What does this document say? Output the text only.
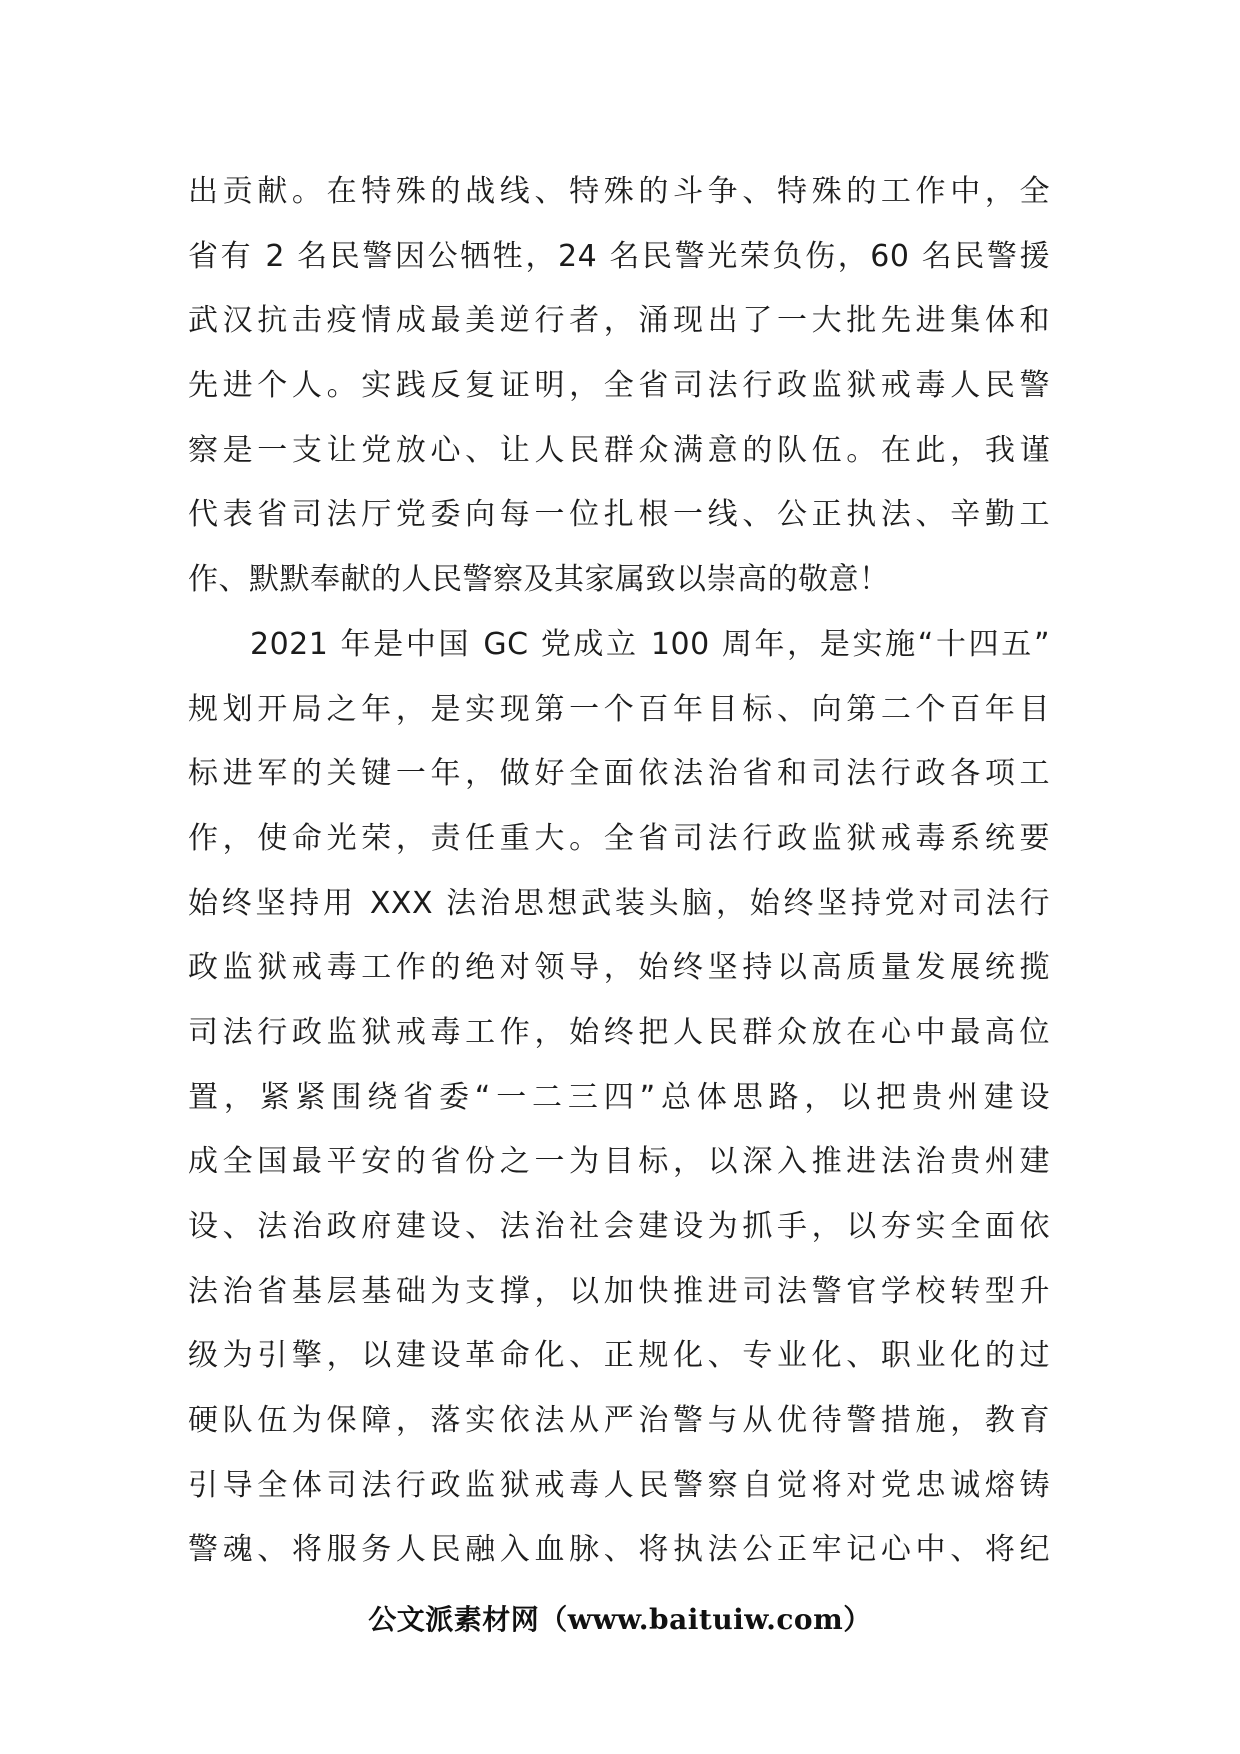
出贡献。在特殊的战线、特殊的斗争、特殊的工作中，全
省有 2 名民警因公牺牲，24 名民警光荣负伤，60 名民警援
武汉抗击疫情成最美逆行者，涌现出了一大批先进集体和
先进个人。实践反复证明，全省司法行政监狱戒毒人民警
察是一支让党放心、让人民群众满意的队伍。在此，我谨
代表省司法厅党委向每一位扎根一线、公正执法、辛勤工
作、默默奉献的人民警察及其家属致以崇高的敬意！
2021 年是中国 GC 党成立 100 周年，是实施“十四五”
规划开局之年，是实现第一个百年目标、向第二个百年目
标进军的关键一年，做好全面依法治省和司法行政各项工
作，使命光荣，责任重大。全省司法行政监狱戒毒系统要
始终坚持用 XXX 法治思想武装头脑，始终坚持党对司法行
政监狱戒毒工作的绝对领导，始终坚持以高质量发展统揽
司法行政监狱戒毒工作，始终把人民群众放在心中最高位
置，紧紧围绕省委“一二三四”总体思路，以把贵州建设
成全国最平安的省份之一为目标，以深入推进法治贵州建
设、法治政府建设、法治社会建设为抓手，以夯实全面依
法治省基层基础为支撑，以加快推进司法警官学校转型升
级为引擎，以建设革命化、正规化、专业化、职业化的过
硬队伍为保障，落实依法从严治警与从优待警措施，教育
引导全体司法行政监狱戒毒人民警察自觉将对党忠诚熔铸
警魂、将服务人民融入血脉、将执法公正牢记心中、将纪
公文派素材网（www.baituiw.com）
